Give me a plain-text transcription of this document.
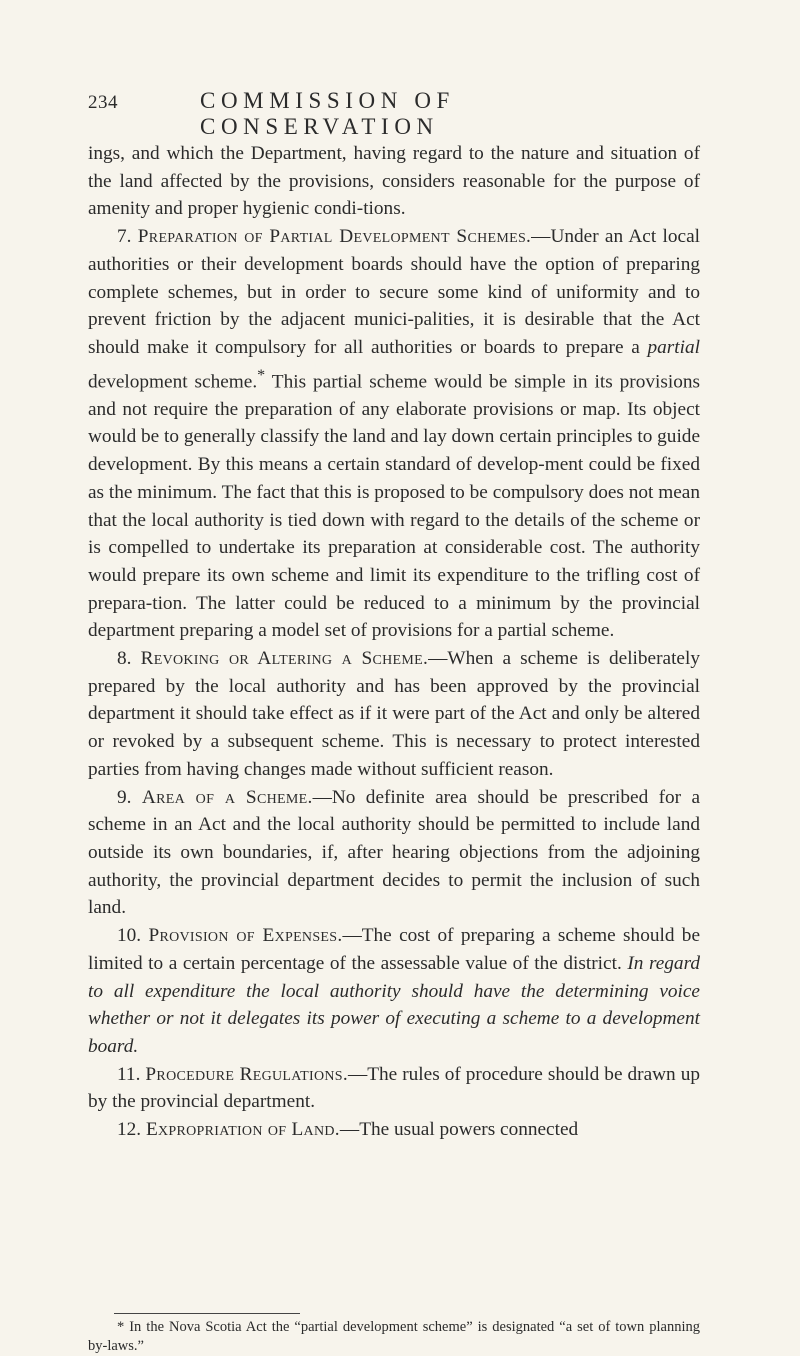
234	COMMISSION OF CONSERVATION

ings, and which the Department, having regard to the nature and situation of the land affected by the provisions, considers reasonable for the purpose of amenity and proper hygienic condi-tions.

7. Preparation of Partial Development Schemes.—Under an Act local authorities or their development boards should have the option of preparing complete schemes, but in order to secure some kind of uniformity and to prevent friction by the adjacent munici-palities, it is desirable that the Act should make it compulsory for all authorities or boards to prepare a partial development scheme.* This partial scheme would be simple in its provisions and not require the preparation of any elaborate provisions or map. Its object would be to generally classify the land and lay down certain principles to guide development. By this means a certain standard of develop-ment could be fixed as the minimum. The fact that this is proposed to be compulsory does not mean that the local authority is tied down with regard to the details of the scheme or is compelled to undertake its preparation at considerable cost. The authority would prepare its own scheme and limit its expenditure to the trifling cost of prepara-tion. The latter could be reduced to a minimum by the provincial department preparing a model set of provisions for a partial scheme.

8. Revoking or Altering a Scheme.—When a scheme is deliberately prepared by the local authority and has been approved by the provincial department it should take effect as if it were part of the Act and only be altered or revoked by a subsequent scheme. This is necessary to protect interested parties from having changes made without sufficient reason.

9. Area of a Scheme.—No definite area should be prescribed for a scheme in an Act and the local authority should be permitted to include land outside its own boundaries, if, after hearing objections from the adjoining authority, the provincial department decides to permit the inclusion of such land.

10. Provision of Expenses.—The cost of preparing a scheme should be limited to a certain percentage of the assessable value of the district. In regard to all expenditure the local authority should have the determining voice whether or not it delegates its power of executing a scheme to a development board.

11. Procedure Regulations.—The rules of procedure should be drawn up by the provincial department.

12. Expropriation of Land.—The usual powers connected

* In the Nova Scotia Act the “partial development scheme” is designated “a set of town planning by-laws.”
